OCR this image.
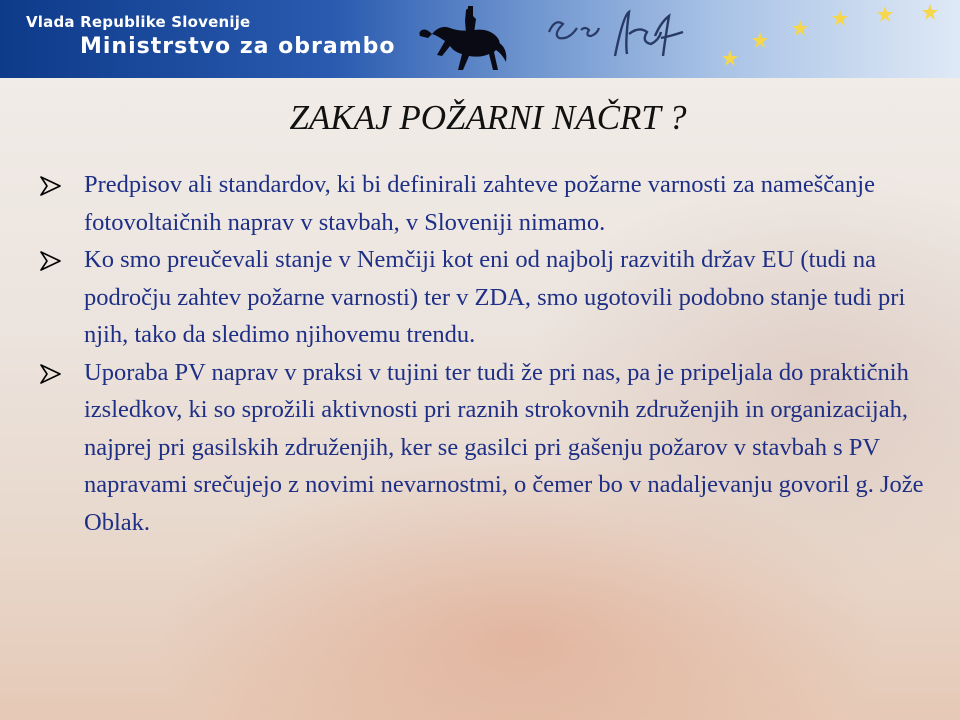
Vlada Republike Slovenije
Ministrstvo za obrambo
ZAKAJ POŽARNI NAČRT ?
Predpisov ali standardov, ki bi definirali zahteve požarne varnosti za nameščanje fotovoltaičnih naprav v stavbah, v Sloveniji nimamo.
Ko smo preučevali stanje v Nemčiji kot eni od najbolj razvitih držav EU (tudi na področju zahtev požarne varnosti) ter v ZDA, smo ugotovili podobno stanje tudi pri njih, tako da sledimo njihovemu trendu.
Uporaba PV naprav v praksi v tujini ter tudi že pri nas, pa je pripeljala do praktičnih izsledkov, ki so sprožili aktivnosti pri raznih strokovnih združenjih in organizacijah, najprej pri gasilskih združenjih, ker se gasilci pri gašenju požarov v stavbah s PV napravami srečujejo z novimi nevarnostmi, o čemer bo v nadaljevanju govoril g. Jože Oblak.
